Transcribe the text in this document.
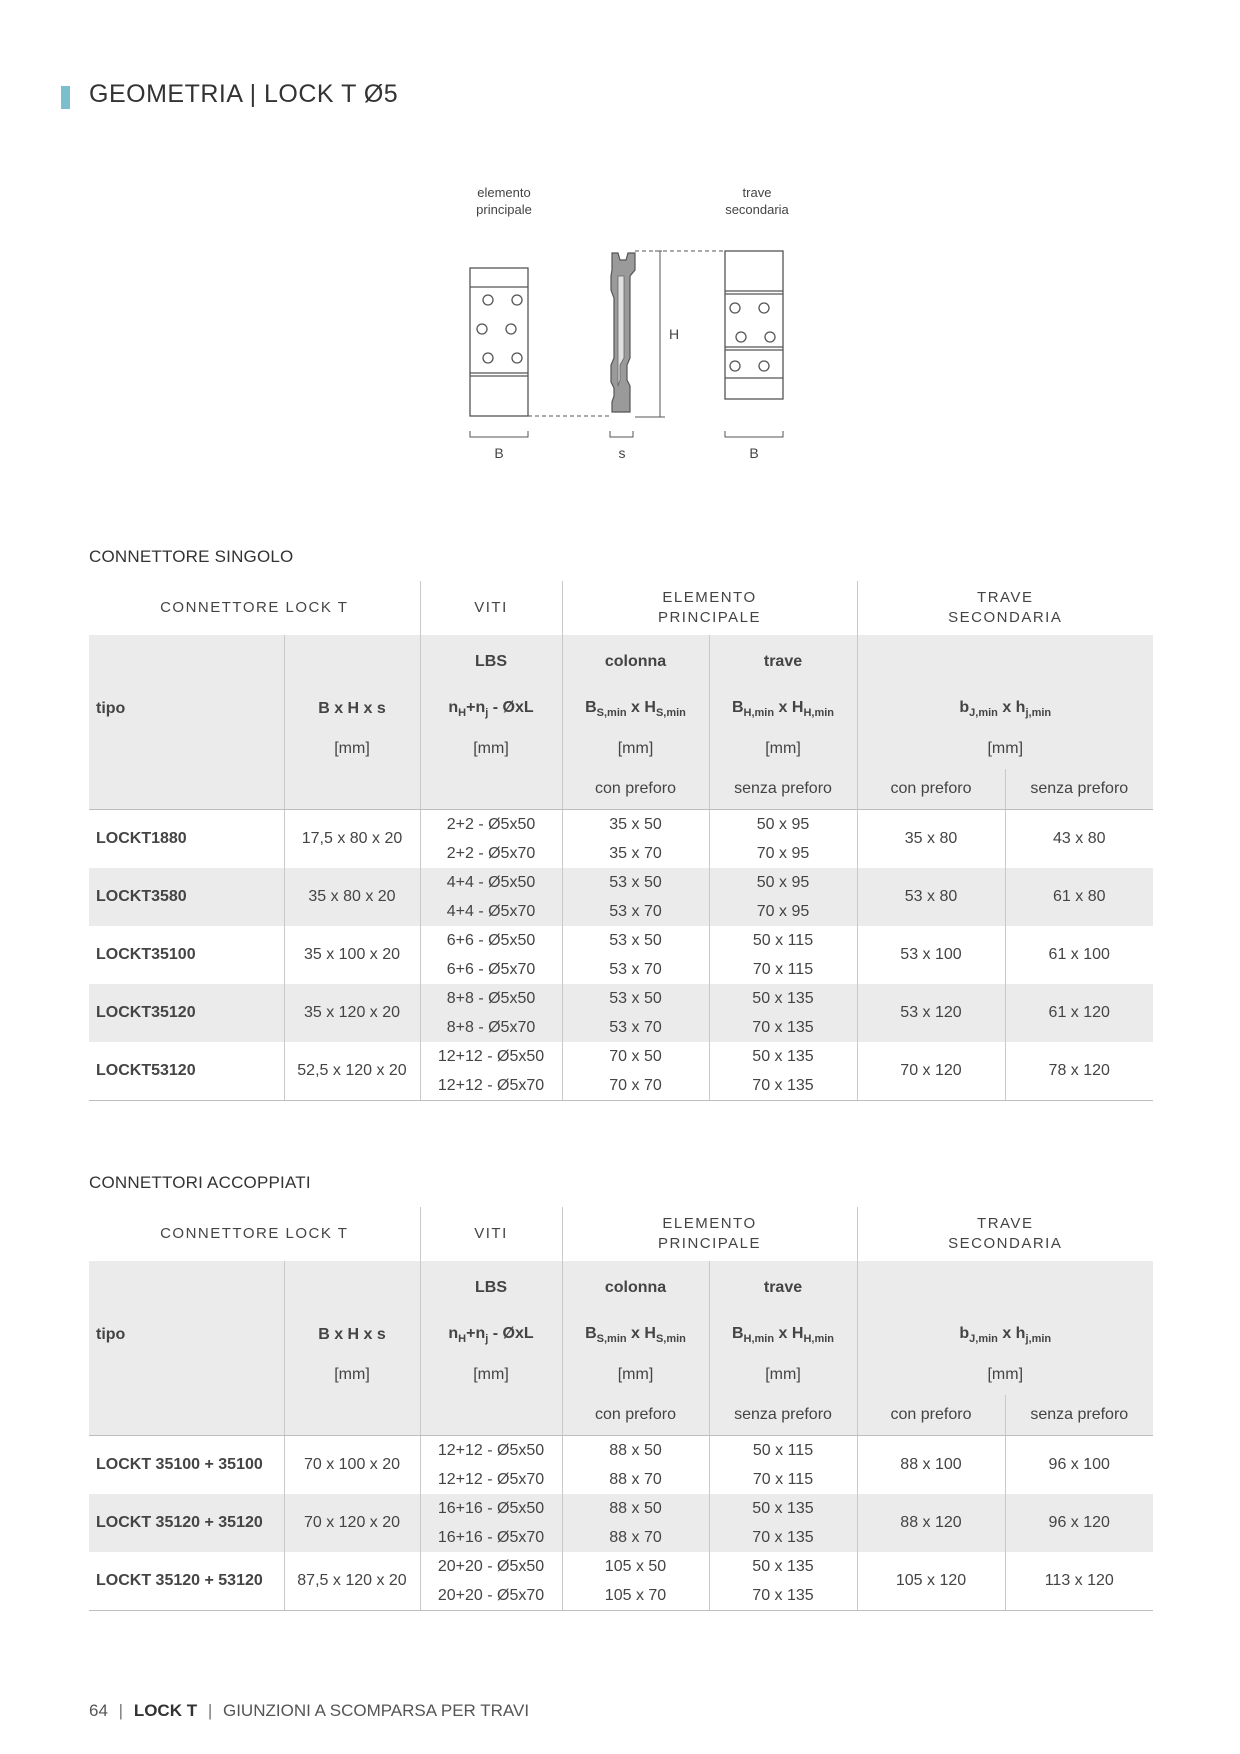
GEOMETRIA | LOCK T Ø5
elemento
principale
trave
secondaria
H
B	s	B
CONNETTORE SINGOLO
CONNETTORE LOCK T		VITI	ELEMENTO
PRINCIPALE		TRAVE
SECONDARIA	
		LBS	colonna	trave		
tipo	B x H x s	$n_H+n_j$ - ØxL	$B_{S,min}$ x $H_{S,min}$	$B_{H,min}$ x $H_{H,min}$	$b_{J,min}$ x $h_{j,min}$
	[mm]	[mm]	[mm]	[mm]	[mm]	
			con preforo	senza preforo	con preforo	senza preforo
LOCKT1880	17,5 x 80 x 20	2+2 - Ø5x50	35 x 50	50 x 95	35 x 80	43 x 80
		2+2 - Ø5x70	35 x 70	70 x 95		
LOCKT3580	35 x 80 x 20	4+4 - Ø5x50	53 x 50	50 x 95	53 x 80	61 x 80
		4+4 - Ø5x70	53 x 70	70 x 95		
LOCKT35100	35 x 100 x 20	6+6 - Ø5x50	53 x 50	50 x 115	53 x 100	61 x 100
		6+6 - Ø5x70	53 x 70	70 x 115		
LOCKT35120	35 x 120 x 20	8+8 - Ø5x50	53 x 50	50 x 135	53 x 120	61 x 120
		8+8 - Ø5x70	53 x 70	70 x 135		
LOCKT53120	52,5 x 120 x 20	12+12 - Ø5x50	70 x 50	50 x 135	70 x 120	78 x 120
		12+12 - Ø5x70	70 x 70	70 x 135		
CONNETTORI ACCOPPIATI
CONNETTORE LOCK T		VITI	ELEMENTO
PRINCIPALE		TRAVE
SECONDARIA	
		LBS	colonna	trave		
tipo	B x H x s	$n_H+n_j$ - ØxL	$B_{S,min}$ x $H_{S,min}$	$B_{H,min}$ x $H_{H,min}$	$b_{J,min}$ x $h_{j,min}$
	[mm]	[mm]	[mm]	[mm]	[mm]	
			con preforo	senza preforo	con preforo	senza preforo
LOCKT 35100 + 35100	70 x 100 x 20	12+12 - Ø5x50	88 x 50	50 x 115	88 x 100	96 x 100
		12+12 - Ø5x70	88 x 70	70 x 115		
LOCKT 35120 + 35120	70 x 120 x 20	16+16 - Ø5x50	88 x 50	50 x 135	88 x 120	96 x 120
		16+16 - Ø5x70	88 x 70	70 x 135		
LOCKT 35120 + 53120	87,5 x 120 x 20	20+20 - Ø5x50	105 x 50	50 x 135	105 x 120	113 x 120
		20+20 - Ø5x70	105 x 70	70 x 135		
64 | LOCK T | GIUNZIONI A SCOMPARSA PER TRAVI
